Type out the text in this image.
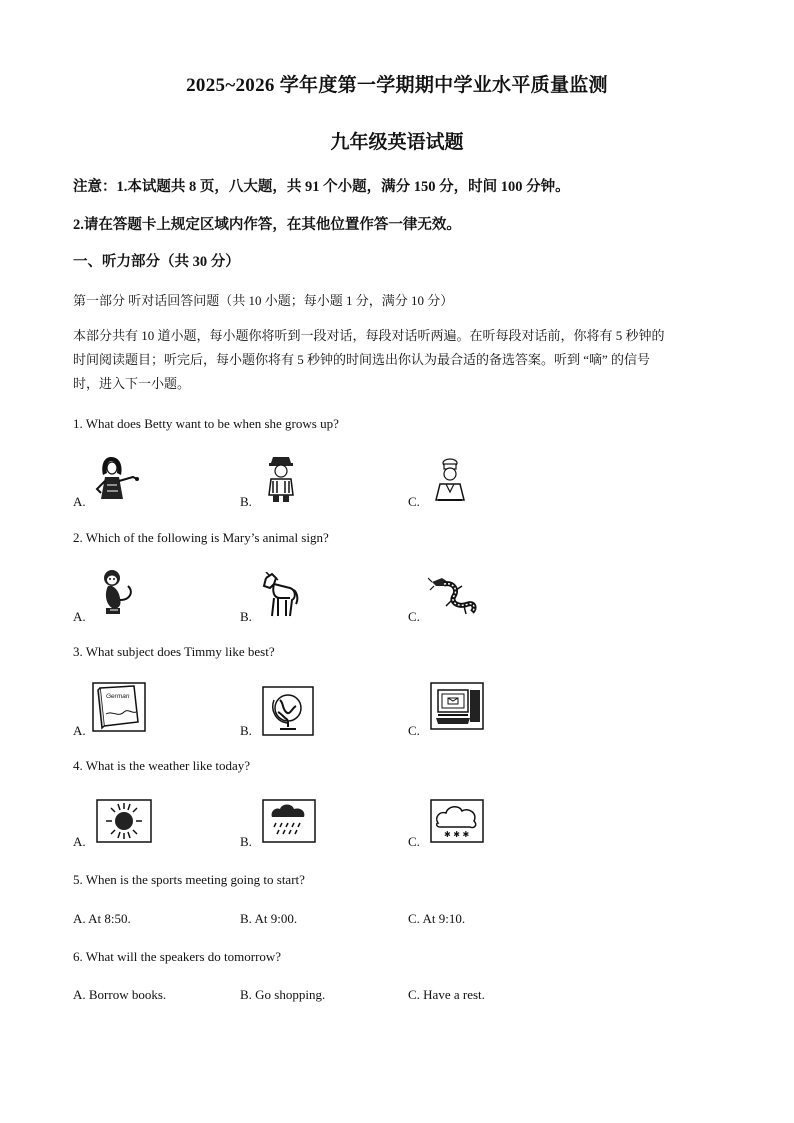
2025~2026 学年度第一学期期中学业水平质量监测
九年级英语试题
注意：1.本试题共 8 页，八大题，共 91 个小题，满分 150 分，时间 100 分钟。
2.请在答题卡上规定区域内作答，在其他位置作答一律无效。
一、听力部分（共 30 分）
第一部分 听对话回答问题（共 10 小题；每小题 1 分，满分 10 分）
本部分共有 10 道小题，每小题你将听到一段对话，每段对话听两遍。在听每段对话前，你将有 5 秒钟的
时间阅读题目；听完后，每小题你将有 5 秒钟的时间选出你认为最合适的备选答案。听到 “嘀” 的信号
时，进入下一小题。
1. What does Betty want to be when she grows up?
A.	B.	C.
2. Which of the following is Mary’s animal sign?
A.	B.	C.
3. What subject does Timmy like best?
A.	B.	C.
German
4. What is the weather like today?
A.	B.	C.	✱ ✱ ✱
5. When is the sports meeting going to start?
A. At 8:50.	B. At 9:00.	C. At 9:10.
6. What will the speakers do tomorrow?
A. Borrow books.	B. Go shopping.	C. Have a rest.
